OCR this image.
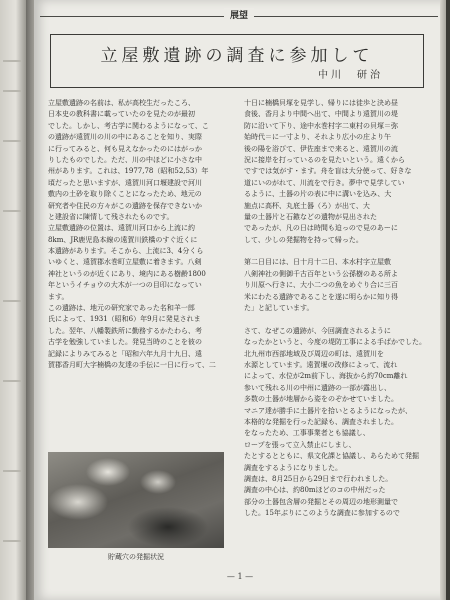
展望
立屋敷遺跡の調査に参加して
中川　研治
立屋敷遺跡の名前は、私が高校生だったころ、
日本史の教科書に載っていたのを見たのが最初
でした。しかし、考古学に関わるようになって、こ
の遺跡が遠賀川の川の中にあることを知り、実際
に行ってみると、何も見えなかったのにはがっか
りしたものでした。ただ、川の中ほどに小さな中
州があります。これは、1977,78（昭和52,53）年
頃だったと思いますが、遠賀川河口堰建設で河川
敷内の土砂を取り除くことになったため、地元の
研究者や住民の方々がこの遺跡を保存できないか
と建設省に陳情して残されたものです。
立屋敷遺跡の位置は、遠賀川河口から上流に約
8km、JR鹿児島本線の遠賀川鉄橋のすぐ近くに
本遺跡があります。そこから、上流に3、4分くら
いゆくと、遠賀郡水巻町立屋敷に着きます。八剣
神社というのが近くにあり、境内にある樹齢1800
年というイチョウの大木が一つの目印になってい
ます。
この遺跡は、地元の研究家であった名和羊一郎
氏によって、1931（昭和6）年9月に発見されま
した。翌年、八幡製鉄所に勤務するかたわら、考
古学を勉強していました。発見当時のことを彼の
記録によりみてみると「昭和六年九月十九日、遠
賀郡香月町大字楠橋の友達の手伝に一日に行って、二
十日に楠橋貝塚を見学し、帰りには徒歩と決め昼
食後、香月より中間へ出て、中間より遠賀川の堤
防に沿いて下り、途中水巻村字二東村の貝塚＝弥
始時代＝に一寸より、それより広小の庄より午
後の陽を浴びて、伊佐座まで来ると、遠賀川の流
況に接岸を打っているのを見たいという。遠くから
ですでは気がす・ます。舟を盲は大分使って、好きな
道にいのがれて、川流をで行き。夢中で見学してい
るように、土器の片の表に中に溝いを込み、大
施点に高杯、丸底土器（ろ）が出て、大
量の土器片と石鏃などの遺物が見出された
であったが、凡の日は時間も迫っので見のあーに
して、少しの発掘物を持って帰った。
第二日目には、日十月十二日、本水村字立屋敷
八剣神社の側御千古百年という公孫樹のある所よ
り川原へ行きに、大小二つの魚をめぐり合に三百
米にわたる遺跡であることを遂に明らかに知り得
た」と記しています。
さて、なぜこの遺跡が、今回調査されるように
なったかというと、今度の堤防工事による手ばかでした。
北九州市西部地域及び周辺の町は、遠賀川を
水源としています。遠賀堰の改修によって、流れ
によって、水位が2m前下し、海抜から約70cm離れ
参いて残れる川の中州に遺跡の一部が露出し、
多数の土器が地層から姿をのぞかせていました。
マニア達が勝手に土器片を拾いとるようになったが、
本格的な発掘を行った記録も、調査されました。
をなったため、工事事業者とも協議し、
ロープを張って立入禁止にしまし、
たとするとともに、県文化課と協議し、あらためて発掘
調査をするようになりました。
調査は、8月25日から29日まで行われました。
調査の中心は、約80mほどのコの中州だった
部分の土器包含層の発掘とその周辺の地形測量で
した。15年ぶりにこのような調査に参加するので
貯蔵穴の発掘状況
— 1 —
